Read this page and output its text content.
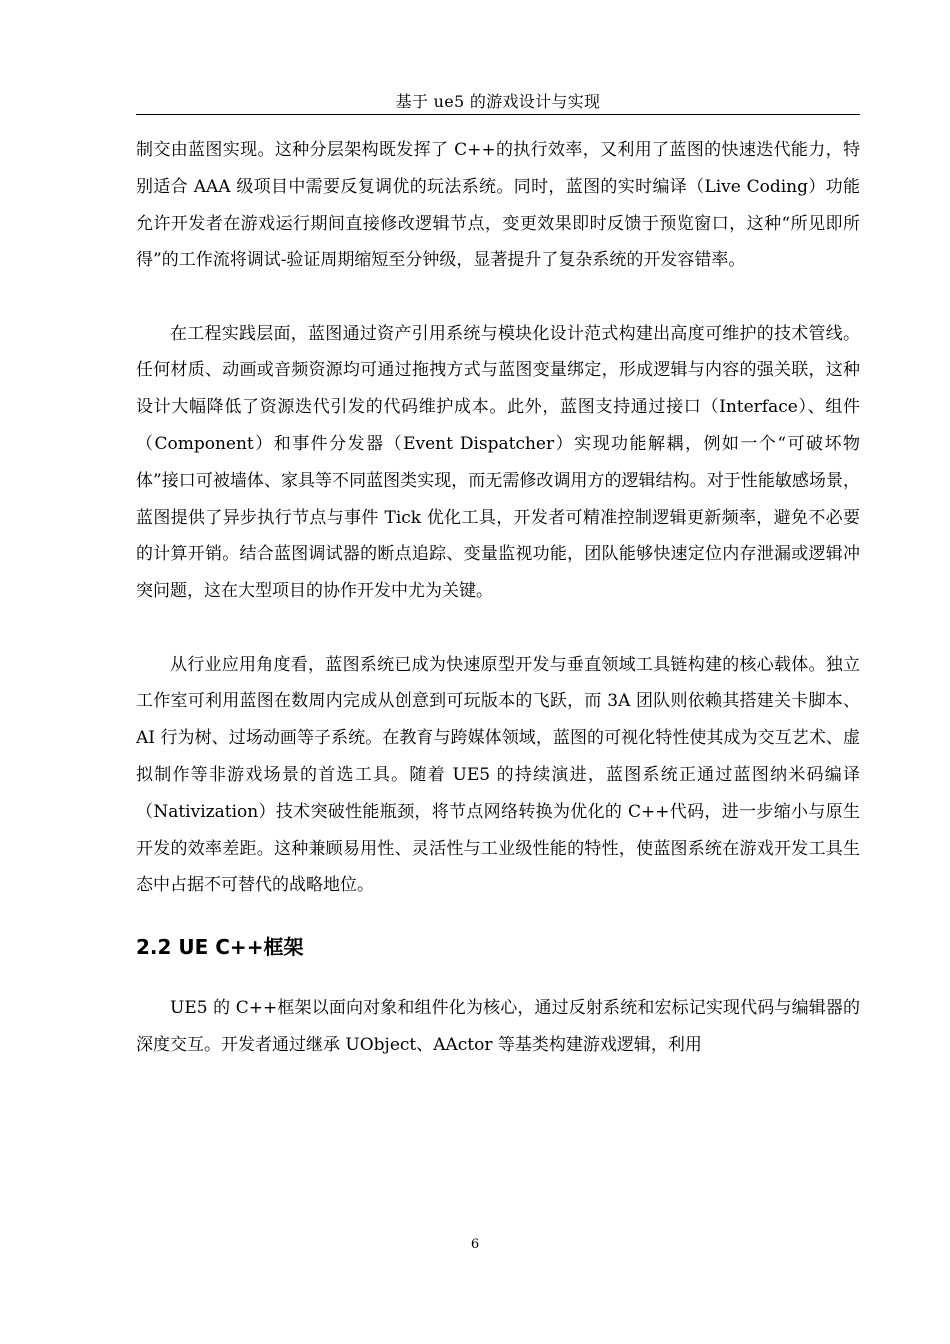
基于 ue5 的游戏设计与实现

制交由蓝图实现。这种分层架构既发挥了 C++的执行效率，又利用了蓝图的快速迭代能力，特别适合 AAA 级项目中需要反复调优的玩法系统。同时，蓝图的实时编译（Live Coding）功能允许开发者在游戏运行期间直接修改逻辑节点，变更效果即时反馈于预览窗口，这种“所见即所得”的工作流将调试-验证周期缩短至分钟级，显著提升了复杂系统的开发容错率。

在工程实践层面，蓝图通过资产引用系统与模块化设计范式构建出高度可维护的技术管线。任何材质、动画或音频资源均可通过拖拽方式与蓝图变量绑定，形成逻辑与内容的强关联，这种设计大幅降低了资源迭代引发的代码维护成本。此外，蓝图支持通过接口（Interface）、组件（Component）和事件分发器（Event Dispatcher）实现功能解耦，例如一个“可破坏物体”接口可被墙体、家具等不同蓝图类实现，而无需修改调用方的逻辑结构。对于性能敏感场景，蓝图提供了异步执行节点与事件 Tick 优化工具，开发者可精准控制逻辑更新频率，避免不必要的计算开销。结合蓝图调试器的断点追踪、变量监视功能，团队能够快速定位内存泄漏或逻辑冲突问题，这在大型项目的协作开发中尤为关键。

从行业应用角度看，蓝图系统已成为快速原型开发与垂直领域工具链构建的核心载体。独立工作室可利用蓝图在数周内完成从创意到可玩版本的飞跃，而 3A 团队则依赖其搭建关卡脚本、AI 行为树、过场动画等子系统。在教育与跨媒体领域，蓝图的可视化特性使其成为交互艺术、虚拟制作等非游戏场景的首选工具。随着 UE5 的持续演进，蓝图系统正通过蓝图纳米码编译（Nativization）技术突破性能瓶颈，将节点网络转换为优化的 C++代码，进一步缩小与原生开发的效率差距。这种兼顾易用性、灵活性与工业级性能的特性，使蓝图系统在游戏开发工具生态中占据不可替代的战略地位。

2.2 UE C++框架

UE5 的 C++框架以面向对象和组件化为核心，通过反射系统和宏标记实现代码与编辑器的深度交互。开发者通过继承 UObject、AActor 等基类构建游戏逻辑，利用

6
